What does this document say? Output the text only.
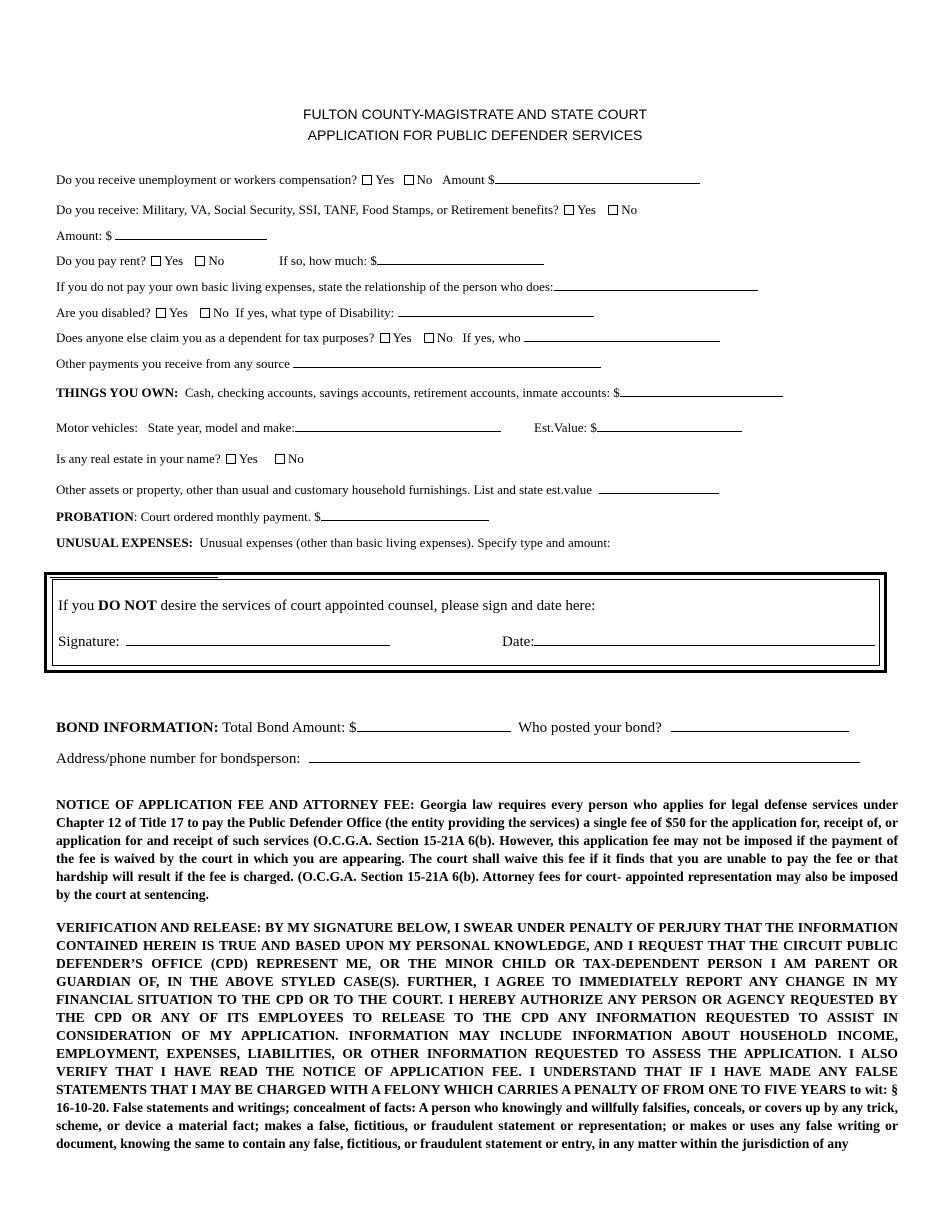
FULTON COUNTY-MAGISTRATE AND STATE COURT
APPLICATION FOR PUBLIC DEFENDER SERVICES
Do you receive unemployment or workers compensation? Yes No Amount $
Do you receive: Military, VA, Social Security, SSI, TANF, Food Stamps, or Retirement benefits? Yes No
Amount: $
Do you pay rent? Yes No	If so, how much: $
If you do not pay your own basic living expenses, state the relationship of the person who does:
Are you disabled? Yes No If yes, what type of Disability:
Does anyone else claim you as a dependent for tax purposes? Yes No If yes, who
Other payments you receive from any source
THINGS YOU OWN: Cash, checking accounts, savings accounts, retirement accounts, inmate accounts: $
Motor vehicles: State year, model and make:	Est.Value: $
Is any real estate in your name? Yes No
Other assets or property, other than usual and customary household furnishings. List and state est.value
PROBATION: Court ordered monthly payment. $
UNUSUAL EXPENSES: Unusual expenses (other than basic living expenses). Specify type and amount:
If you DO NOT desire the services of court appointed counsel, please sign and date here:
Signature:	Date:
BOND INFORMATION: Total Bond Amount: $	Who posted your bond?
Address/phone number for bondsperson:
NOTICE OF APPLICATION FEE AND ATTORNEY FEE: Georgia law requires every person who applies for legal defense services under Chapter 12 of Title 17 to pay the Public Defender Office (the entity providing the services) a single fee of $50 for the application for, receipt of, or application for and receipt of such services (O.C.G.A. Section 15-21A 6(b). However, this application fee may not be imposed if the payment of the fee is waived by the court in which you are appearing. The court shall waive this fee if it finds that you are unable to pay the fee or that hardship will result if the fee is charged. (O.C.G.A. Section 15-21A 6(b). Attorney fees for court- appointed representation may also be imposed by the court at sentencing.
VERIFICATION AND RELEASE: BY MY SIGNATURE BELOW, I SWEAR UNDER PENALTY OF PERJURY THAT THE INFORMATION CONTAINED HEREIN IS TRUE AND BASED UPON MY PERSONAL KNOWLEDGE, AND I REQUEST THAT THE CIRCUIT PUBLIC DEFENDER’S OFFICE (CPD) REPRESENT ME, OR THE MINOR CHILD OR TAX-DEPENDENT PERSON I AM PARENT OR GUARDIAN OF, IN THE ABOVE STYLED CASE(S). FURTHER, I AGREE TO IMMEDIATELY REPORT ANY CHANGE IN MY FINANCIAL SITUATION TO THE CPD OR TO THE COURT. I HEREBY AUTHORIZE ANY PERSON OR AGENCY REQUESTED BY THE CPD OR ANY OF ITS EMPLOYEES TO RELEASE TO THE CPD ANY INFORMATION REQUESTED TO ASSIST IN CONSIDERATION OF MY APPLICATION. INFORMATION MAY INCLUDE INFORMATION ABOUT HOUSEHOLD INCOME, EMPLOYMENT, EXPENSES, LIABILITIES, OR OTHER INFORMATION REQUESTED TO ASSESS THE APPLICATION. I ALSO VERIFY THAT I HAVE READ THE NOTICE OF APPLICATION FEE. I UNDERSTAND THAT IF I HAVE MADE ANY FALSE STATEMENTS THAT I MAY BE CHARGED WITH A FELONY WHICH CARRIES A PENALTY OF FROM ONE TO FIVE YEARS to wit: § 16-10-20. False statements and writings; concealment of facts: A person who knowingly and willfully falsifies, conceals, or covers up by any trick, scheme, or device a material fact; makes a false, fictitious, or fraudulent statement or representation; or makes or uses any false writing or document, knowing the same to contain any false, fictitious, or fraudulent statement or entry, in any matter within the jurisdiction of any
